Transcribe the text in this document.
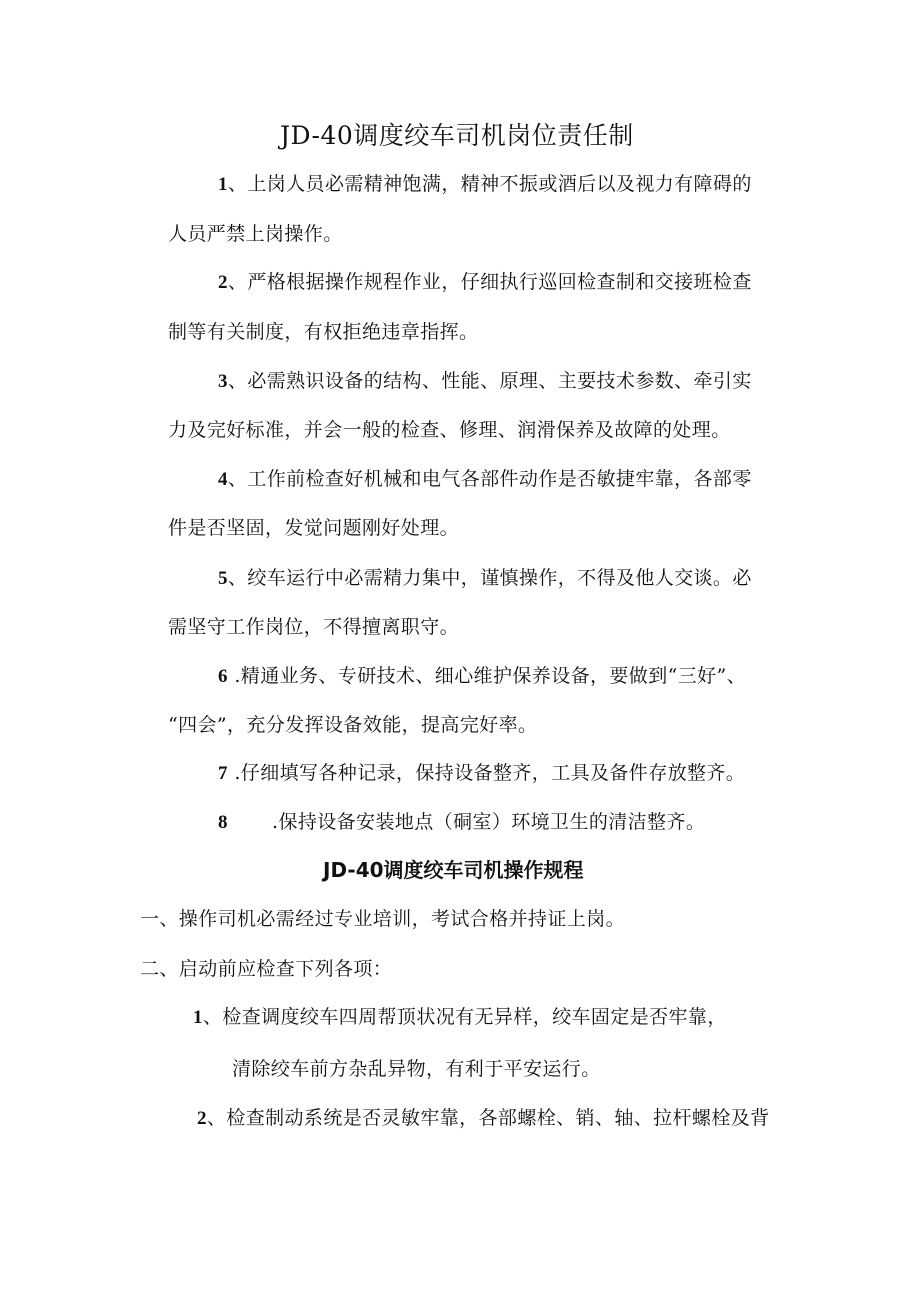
JD-40调度绞车司机岗位责任制
1、上岗人员必需精神饱满，精神不振或酒后以及视力有障碍的
人员严禁上岗操作。
2、严格根据操作规程作业，仔细执行巡回检查制和交接班检查
制等有关制度，有权拒绝违章指挥。
3、必需熟识设备的结构、性能、原理、主要技术参数、牵引实
力及完好标准，并会一般的检查、修理、润滑保养及故障的处理。
4、工作前检查好机械和电气各部件动作是否敏捷牢靠，各部零
件是否坚固，发觉问题刚好处理。
5、绞车运行中必需精力集中，谨慎操作，不得及他人交谈。必
需坚守工作岗位，不得擅离职守。
6 .精通业务、专研技术、细心维护保养设备，要做到“三好”、
“四会”，充分发挥设备效能，提高完好率。
7 .仔细填写各种记录，保持设备整齐，工具及备件存放整齐。
8 .保持设备安装地点（硐室）环境卫生的清洁整齐。
JD-40调度绞车司机操作规程
一、操作司机必需经过专业培训，考试合格并持证上岗。
二、启动前应检查下列各项：
1、检查调度绞车四周帮顶状况有无异样，绞车固定是否牢靠，
清除绞车前方杂乱异物，有利于平安运行。
2、检查制动系统是否灵敏牢靠，各部螺栓、销、轴、拉杆螺栓及背
